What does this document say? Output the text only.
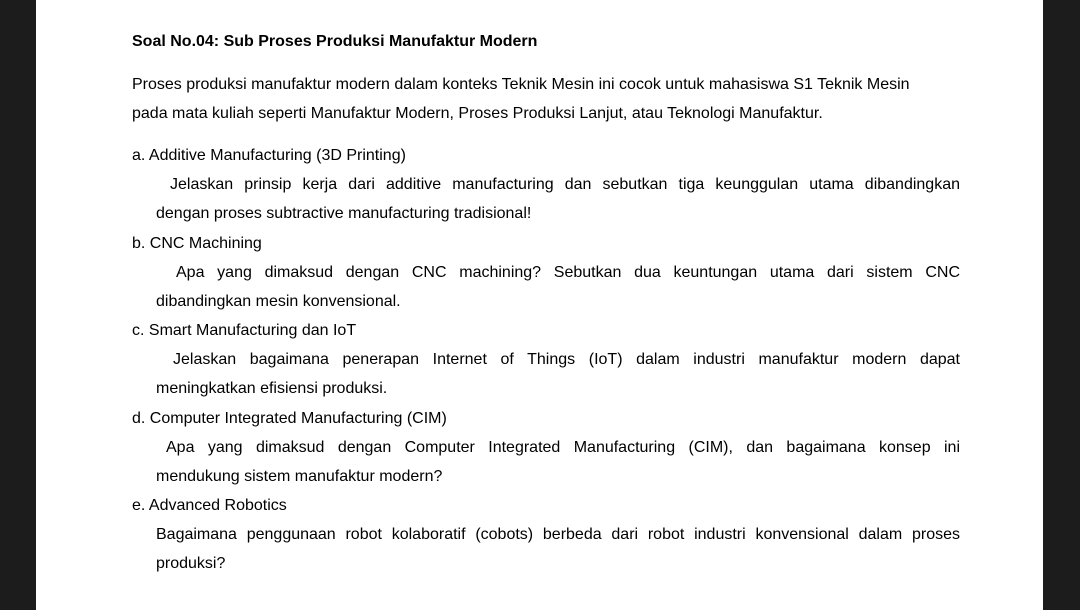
Soal No.04: Sub Proses Produksi Manufaktur Modern
Proses produksi manufaktur modern dalam konteks Teknik Mesin ini cocok untuk mahasiswa S1 Teknik Mesin
pada mata kuliah seperti Manufaktur Modern, Proses Produksi Lanjut, atau Teknologi Manufaktur.
a. Additive Manufacturing (3D Printing)
Jelaskan prinsip kerja dari additive manufacturing dan sebutkan tiga keunggulan utama dibandingkan
dengan proses subtractive manufacturing tradisional!
b. CNC Machining
Apa yang dimaksud dengan CNC machining? Sebutkan dua keuntungan utama dari sistem CNC
dibandingkan mesin konvensional.
c. Smart Manufacturing dan IoT
Jelaskan bagaimana penerapan Internet of Things (IoT) dalam industri manufaktur modern dapat
meningkatkan efisiensi produksi.
d. Computer Integrated Manufacturing (CIM)
Apa yang dimaksud dengan Computer Integrated Manufacturing (CIM), dan bagaimana konsep ini
mendukung sistem manufaktur modern?
e. Advanced Robotics
Bagaimana penggunaan robot kolaboratif (cobots) berbeda dari robot industri konvensional dalam proses
produksi?
